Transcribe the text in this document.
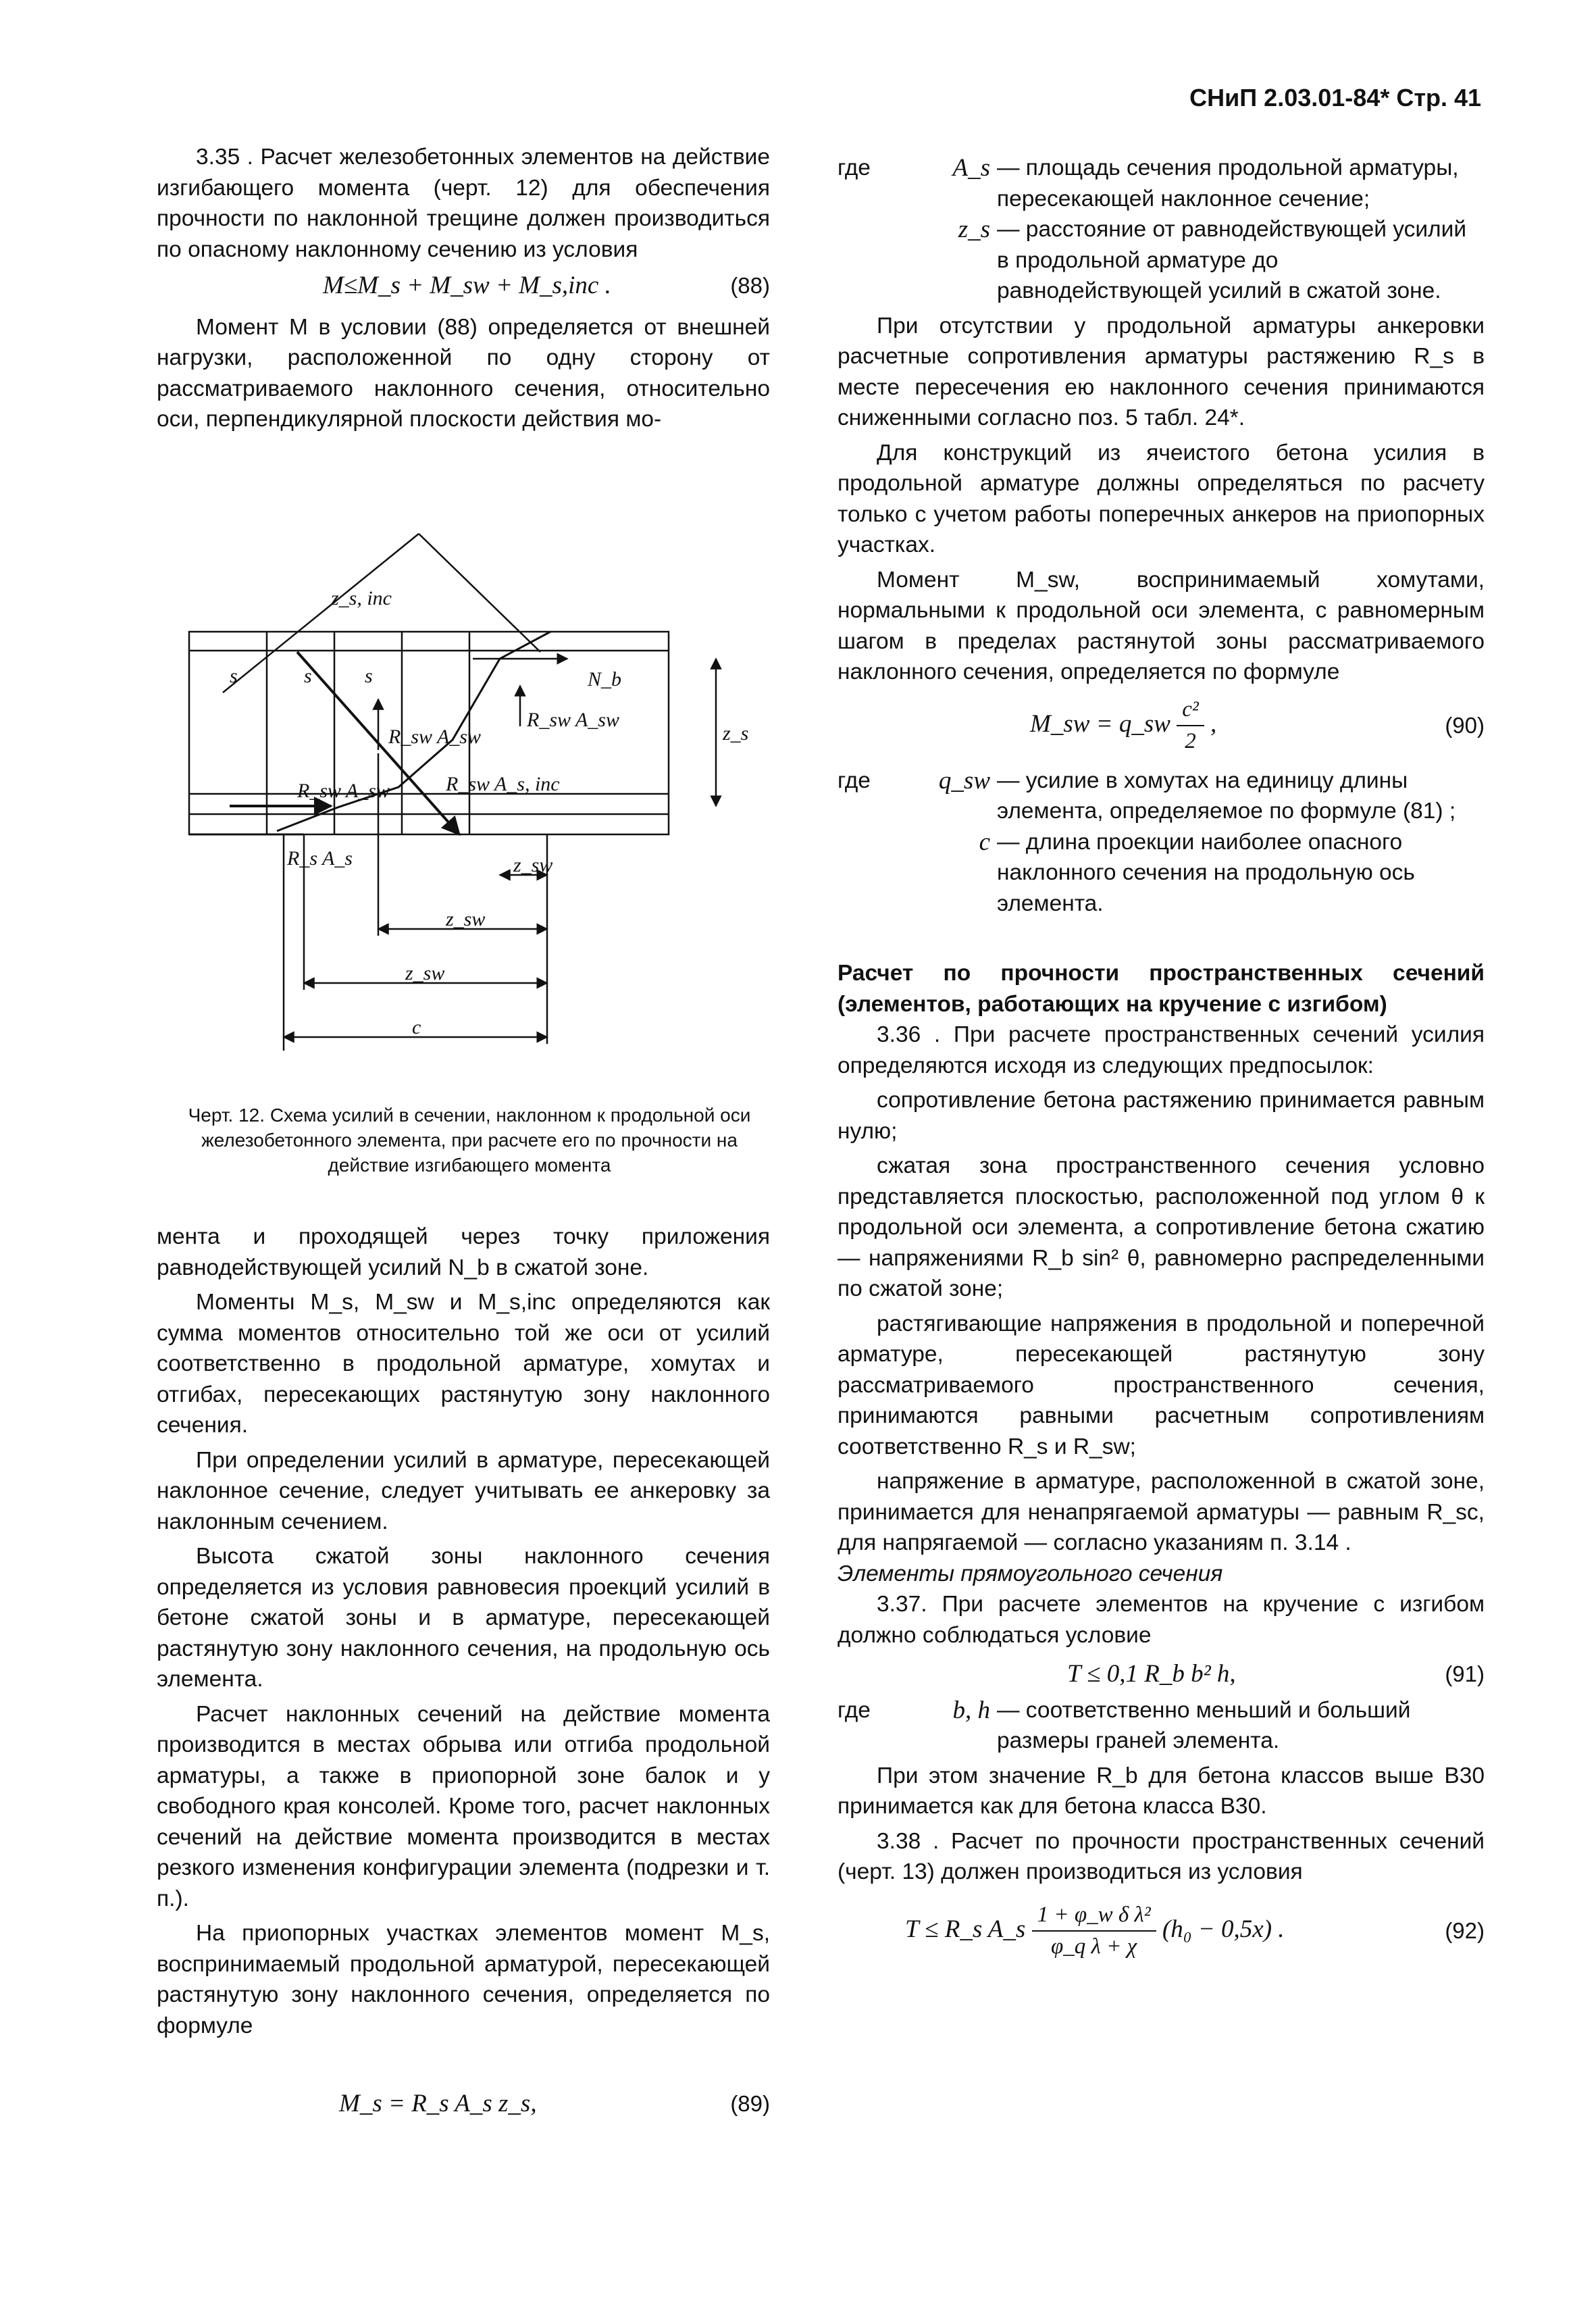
СНиП 2.03.01-84* Стр. 41

3.35 . Расчет железобетонных элементов на действие изгибающего момента (черт. 12) для обеспечения прочности по наклонной трещине должен производиться по опасному наклонному сечению из условия

M≤M_s + M_sw + M_s,inc .	(88)

Момент M в условии (88) определяется от внешней нагрузки, расположенной по одну сторону от рассматриваемого наклонного сечения, относительно оси, перпендикулярной плоскости действия мо-

z_s, inc
s	s	s	N_b
R_sw A_sw
R_sw A_sw
R_sw A_sw	R_sw A_s, inc
R_s A_s
z_s
z_sw
z_sw
z_sw
c
Черт. 12. Схема усилий в сечении, наклонном к продольной оси железобетонного элемента, при расчете его по прочности на действие изгибающего момента

мента и проходящей через точку приложения равнодействующей усилий N_b в сжатой зоне.

Моменты M_s, M_sw и M_s,inc определяются как сумма моментов относительно той же оси от усилий соответственно в продольной арматуре, хомутах и отгибах, пересекающих растянутую зону наклонного сечения.

При определении усилий в арматуре, пересекающей наклонное сечение, следует учитывать ее анкеровку за наклонным сечением.

Высота сжатой зоны наклонного сечения определяется из условия равновесия проекций усилий в бетоне сжатой зоны и в арматуре, пересекающей растянутую зону наклонного сечения, на продольную ось элемента.

Расчет наклонных сечений на действие момента производится в местах обрыва или отгиба продольной арматуры, а также в приопорной зоне балок и у свободного края консолей. Кроме того, расчет наклонных сечений на действие момента производится в местах резкого изменения конфигурации элемента (подрезки и т. п.).

На приопорных участках элементов момент M_s, воспринимаемый продольной арматурой, пересекающей растянутую зону наклонного сечения, определяется по формуле

M_s = R_s A_s z_s,	(89)
где	A_s — площадь сечения продольной арматуры, пересекающей наклонное сечение;
z_s — расстояние от равнодействующей усилий в продольной арматуре до равнодействующей усилий в сжатой зоне.

При отсутствии у продольной арматуры анкеровки расчетные сопротивления арматуры растяжению R_s в месте пересечения ею наклонного сечения принимаются сниженными согласно поз. 5 табл. 24*.

Для конструкций из ячеистого бетона усилия в продольной арматуре должны определяться по расчету только с учетом работы поперечных анкеров на приопорных участках.

Момент M_sw, воспринимаемый хомутами, нормальными к продольной оси элемента, с равномерным шагом в пределах растянутой зоны рассматриваемого наклонного сечения, определяется по формуле

M_sw = q_sw $\frac{\text{c²}}{2}$ ,	(90)
где	q_sw — усилие в хомутах на единицу длины элемента, определяемое по формуле (81) ;
c — длина проекции наиболее опасного наклонного сечения на продольную ось элемента.

Расчет по прочности пространственных сечений (элементов, работающих на кручение с изгибом)

3.36 . При расчете пространственных сечений усилия определяются исходя из следующих предпосылок:

сопротивление бетона растяжению принимается равным нулю;

сжатая зона пространственного сечения условно представляется плоскостью, расположенной под углом θ к продольной оси элемента, а сопротивление бетона сжатию — напряжениями R_b sin² θ, равномерно распределенными по сжатой зоне;

растягивающие напряжения в продольной и поперечной арматуре, пересекающей растянутую зону рассматриваемого пространственного сечения, принимаются равными расчетным сопротивлениям соответственно R_s и R_sw;

напряжение в арматуре, расположенной в сжатой зоне, принимается для ненапрягаемой арматуры — равным R_sc, для напрягаемой — согласно указаниям п. 3.14 .

Элементы прямоугольного сечения

3.37. При расчете элементов на кручение с изгибом должно соблюдаться условие

T ≤ 0,1 R_b b² h,	(91)
где	b, h — соответственно меньший и больший размеры граней элемента.

При этом значение R_b для бетона классов выше В30 принимается как для бетона класса В30.

3.38 . Расчет по прочности пространственных сечений (черт. 13) должен производиться из условия

T ≤ R_s A_s $\frac{\text{1 + φ\_w δ λ²}}{\text{φ\_q λ + χ}} (h_0 - 0,5x)$ .	(92)
